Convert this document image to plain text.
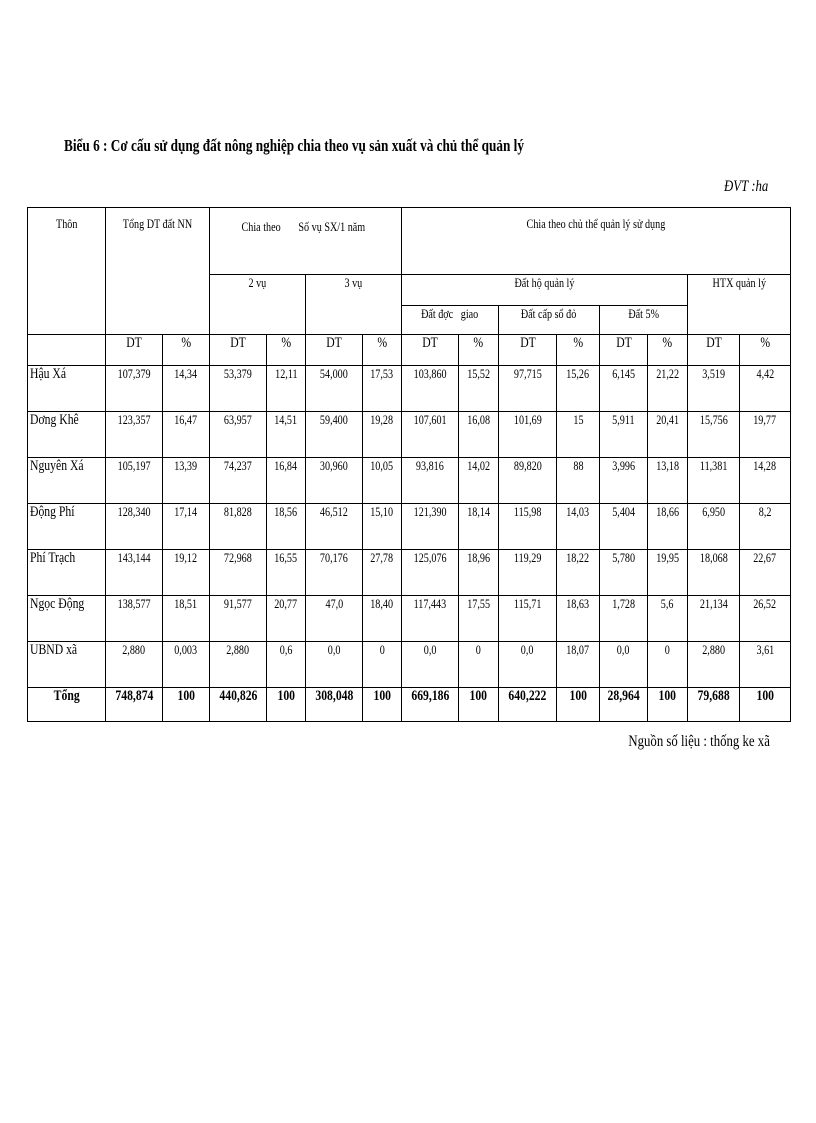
Biểu 6 : Cơ cấu sử dụng đất nông nghiệp chia theo vụ sản xuất và chủ thể quản lý
ĐVT :ha
Thôn	Tổng DT đất NN		Chia theo Số vụ SX/1 năm				Chia theo chủ thể quản lý sử dụng							
			2 vụ		3 vụ		Đất hộ quản lý						HTX quản lý	
							Đất đợc   giao		Đất cấp sổ đỏ		Đất 5%			
	DT	%	DT	%	DT	%	DT	%	DT	%	DT	%	DT	%
Hậu Xá	107,379	14,34	53,379	12,11	54,000	17,53	103,860	15,52	97,715	15,26	6,145	21,22	3,519	4,42
Dơng Khê	123,357	16,47	63,957	14,51	59,400	19,28	107,601	16,08	101,69	15	5,911	20,41	15,756	19,77
Nguyên Xá	105,197	13,39	74,237	16,84	30,960	10,05	93,816	14,02	89,820	88	3,996	13,18	11,381	14,28
Động Phí	128,340	17,14	81,828	18,56	46,512	15,10	121,390	18,14	115,98	14,03	5,404	18,66	6,950	8,2
Phí Trạch	143,144	19,12	72,968	16,55	70,176	27,78	125,076	18,96	119,29	18,22	5,780	19,95	18,068	22,67
Ngọc Động	138,577	18,51	91,577	20,77	47,0	18,40	117,443	17,55	115,71	18,63	1,728	5,6	21,134	26,52
UBND xã	2,880	0,003	2,880	0,6	0,0	0	0,0	0	0,0	18,07	0,0	0	2,880	3,61
Tổng	748,874	100	440,826	100	308,048	100	669,186	100	640,222	100	28,964	100	79,688	100
Nguồn số liệu : thống ke xã
